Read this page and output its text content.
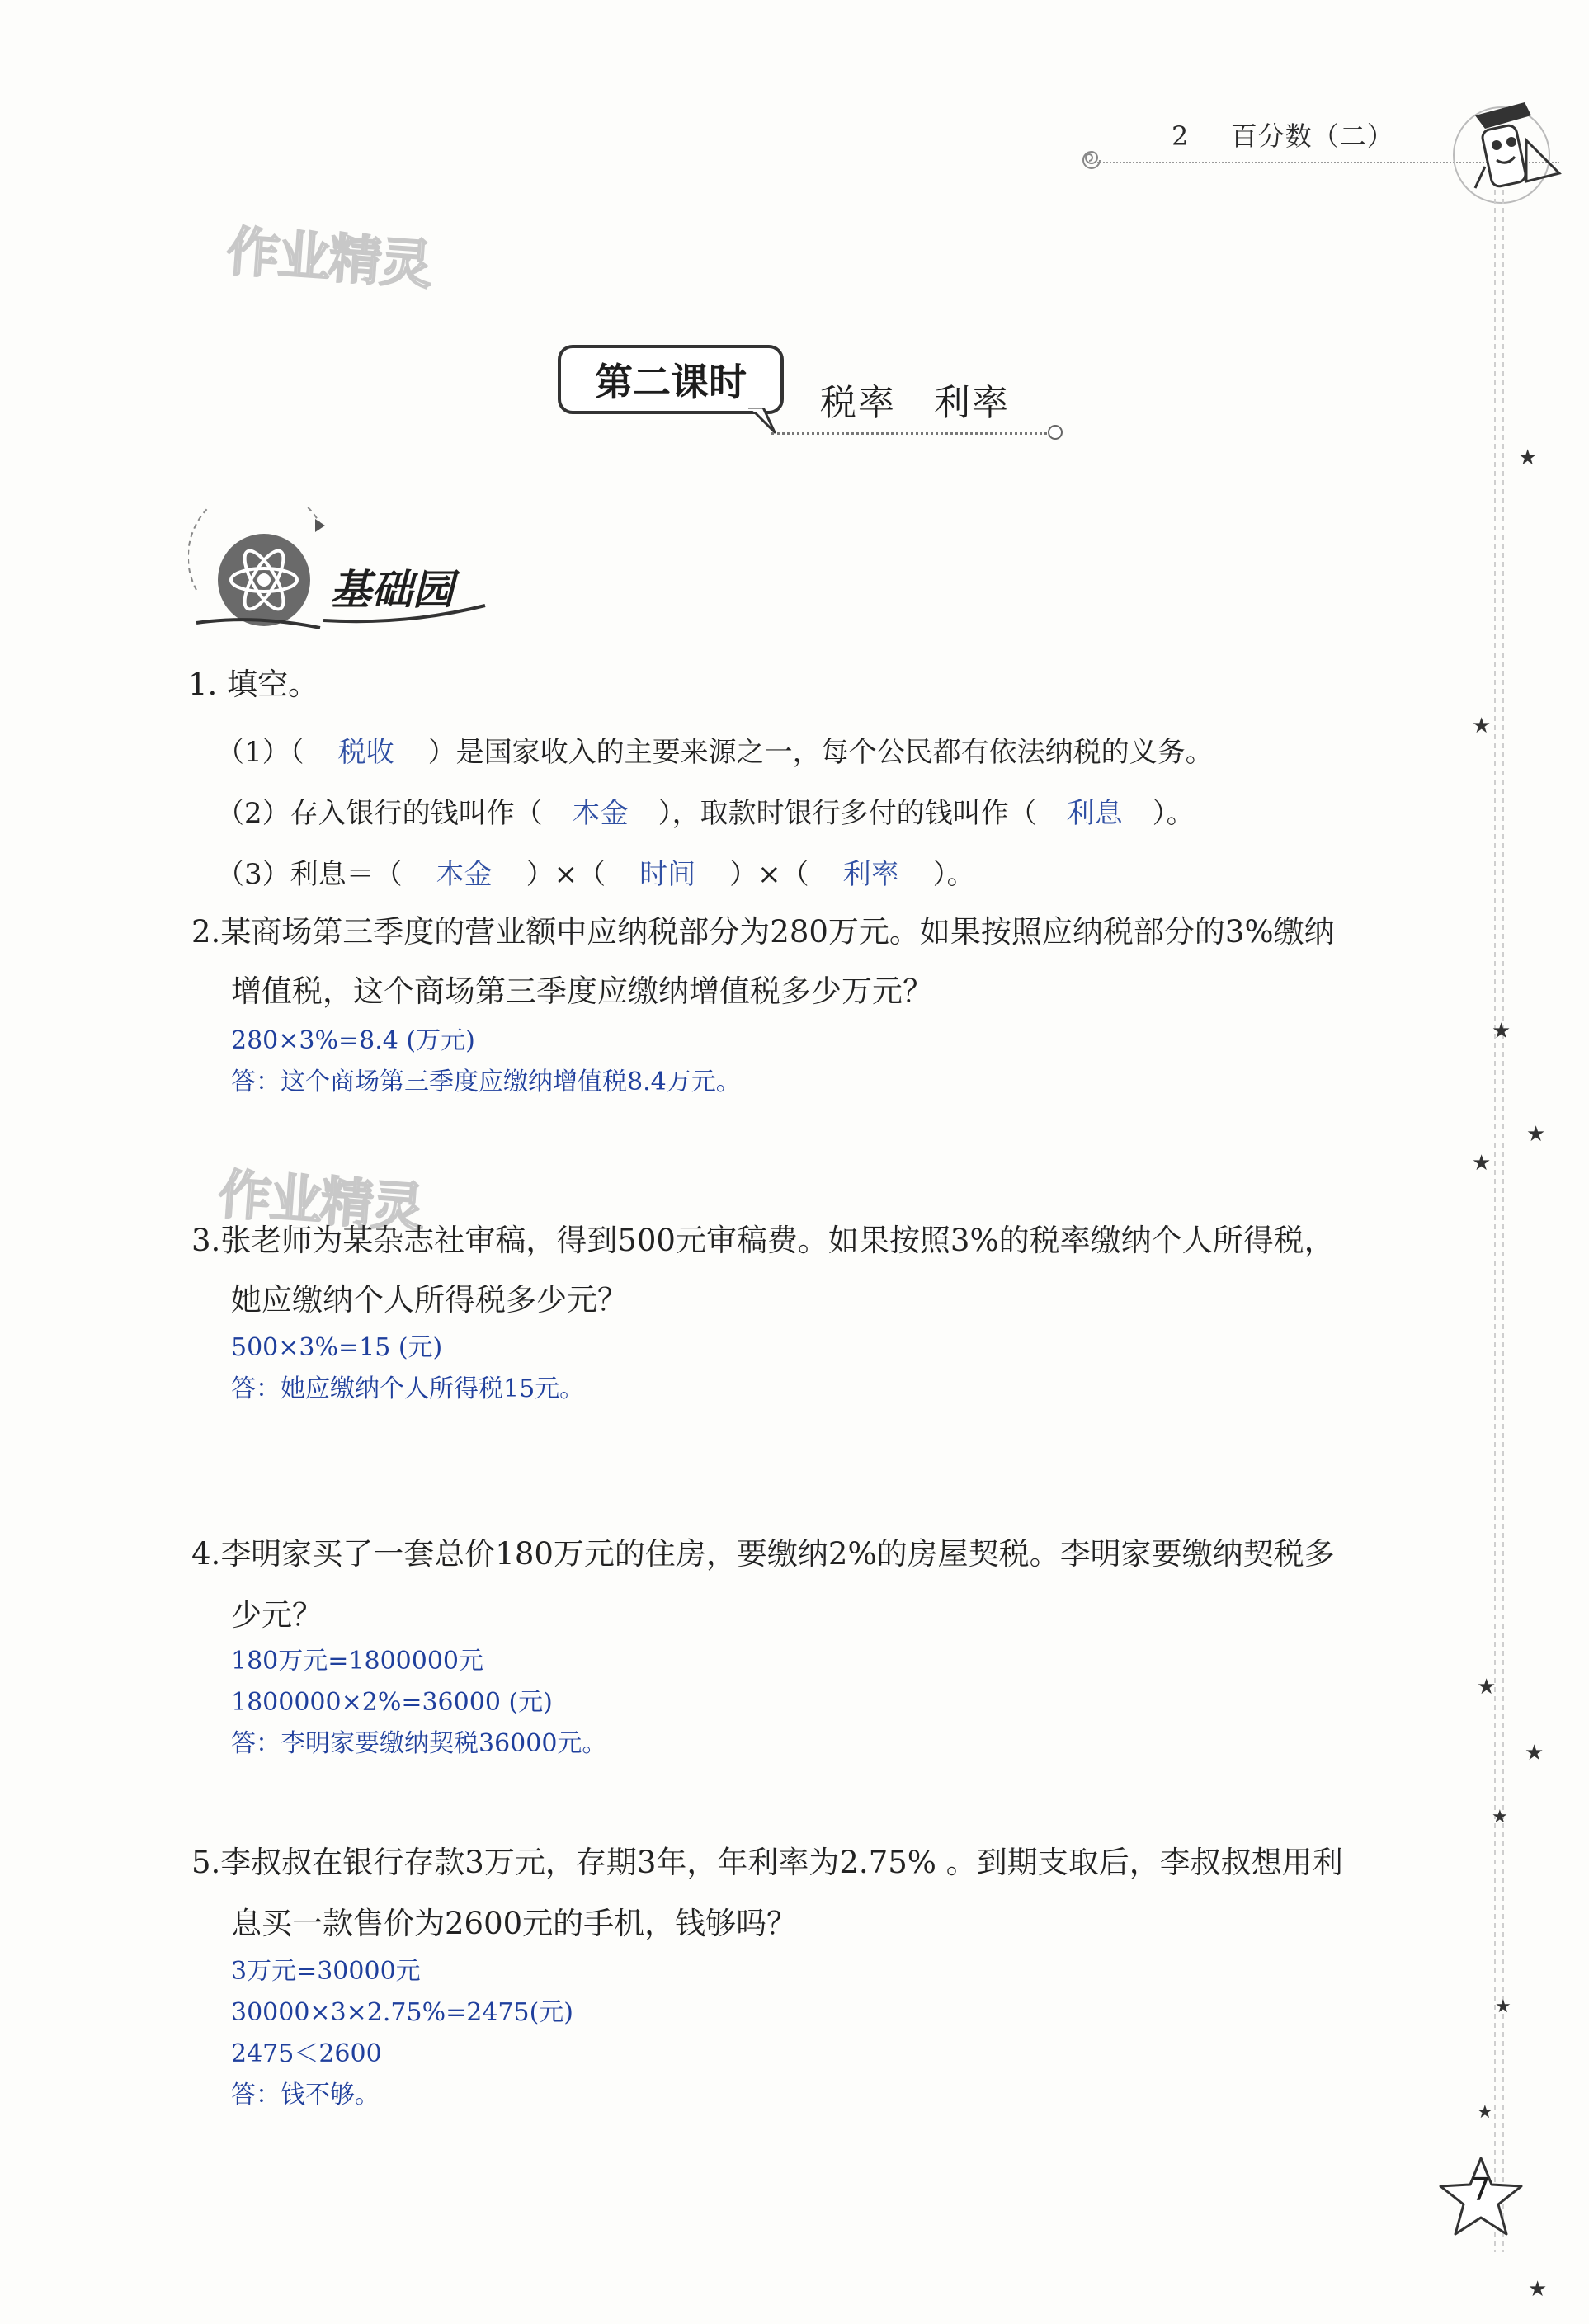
2 百分数（二）
★
★
★
★
★
★
★
★
★
★
★
作业精灵
作业精灵
第二课时	税率　利率
基础园
1. 填空。
（1）（ 税收 ）是国家收入的主要来源之一，每个公民都有依法纳税的义务。
（2）存入银行的钱叫作（ 本金 ），取款时银行多付的钱叫作（ 利息 ）。
（3）利息＝（ 本金 ）×（ 时间 ）×（ 利率 ）。
2.某商场第三季度的营业额中应纳税部分为280万元。如果按照应纳税部分的3%缴纳
增值税，这个商场第三季度应缴纳增值税多少万元？
280×3%=8.4 (万元)
答：这个商场第三季度应缴纳增值税8.4万元。
3.张老师为某杂志社审稿，得到500元审稿费。如果按照3%的税率缴纳个人所得税，
她应缴纳个人所得税多少元？
500×3%=15 (元)
答：她应缴纳个人所得税15元。
4.李明家买了一套总价180万元的住房，要缴纳2%的房屋契税。李明家要缴纳契税多
少元？
180万元=1800000元
1800000×2%=36000 (元)
答：李明家要缴纳契税36000元。
5.李叔叔在银行存款3万元，存期3年，年利率为2.75% 。到期支取后，李叔叔想用利
息买一款售价为2600元的手机，钱够吗？
3万元=30000元
30000×3×2.75%=2475(元)
2475＜2600
答：钱不够。
7
